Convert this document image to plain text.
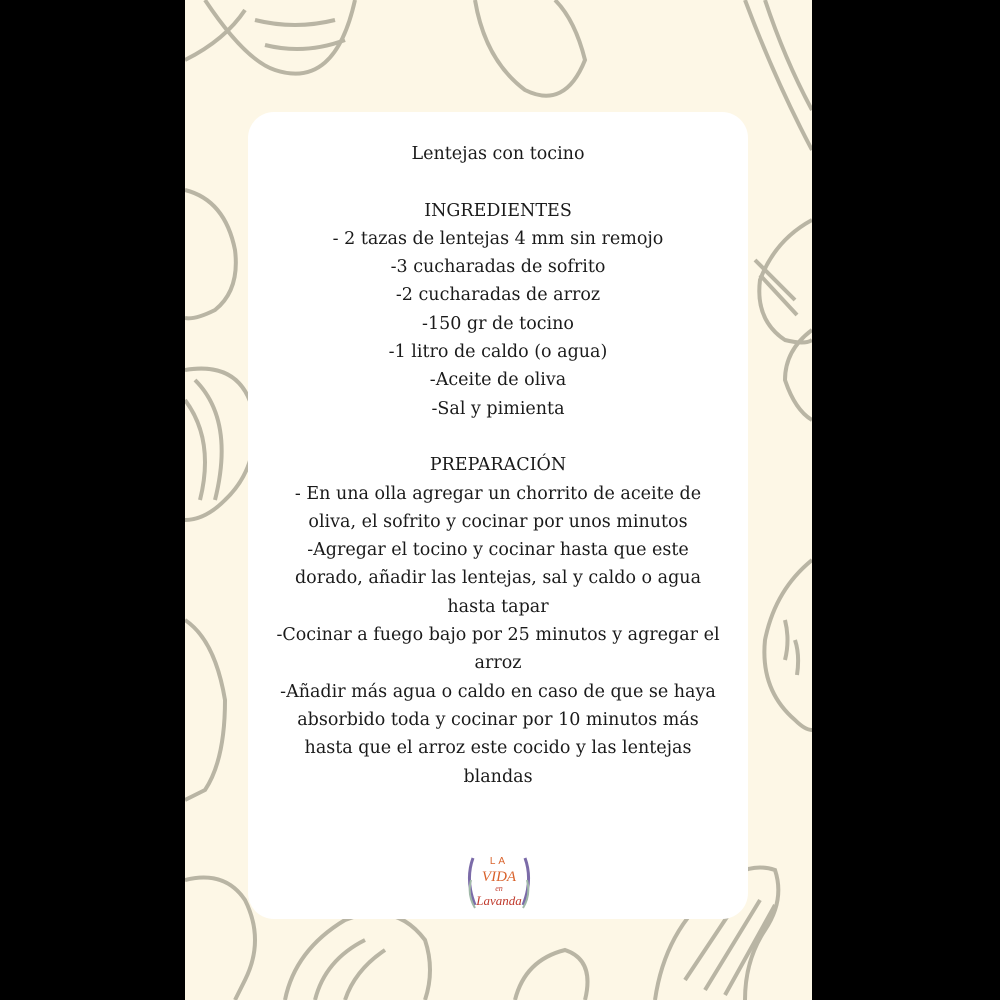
Lentejas con tocino
INGREDIENTES
- 2 tazas de lentejas 4 mm sin remojo
-3 cucharadas de sofrito
-2 cucharadas de arroz
-150 gr de tocino
-1 litro de caldo (o agua)
-Aceite de oliva
-Sal y pimienta
PREPARACIÓN
- En una olla agregar un chorrito de aceite de
oliva, el sofrito y cocinar por unos minutos
-Agregar el tocino y cocinar hasta que este
dorado, añadir las lentejas, sal y caldo o agua
hasta tapar
-Cocinar a fuego bajo por 25 minutos y agregar el
arroz
-Añadir más agua o caldo en caso de que se haya
absorbido toda y cocinar por 10 minutos más
hasta que el arroz este cocido y las lentejas
blandas
LA
VIDA
en
Lavanda
